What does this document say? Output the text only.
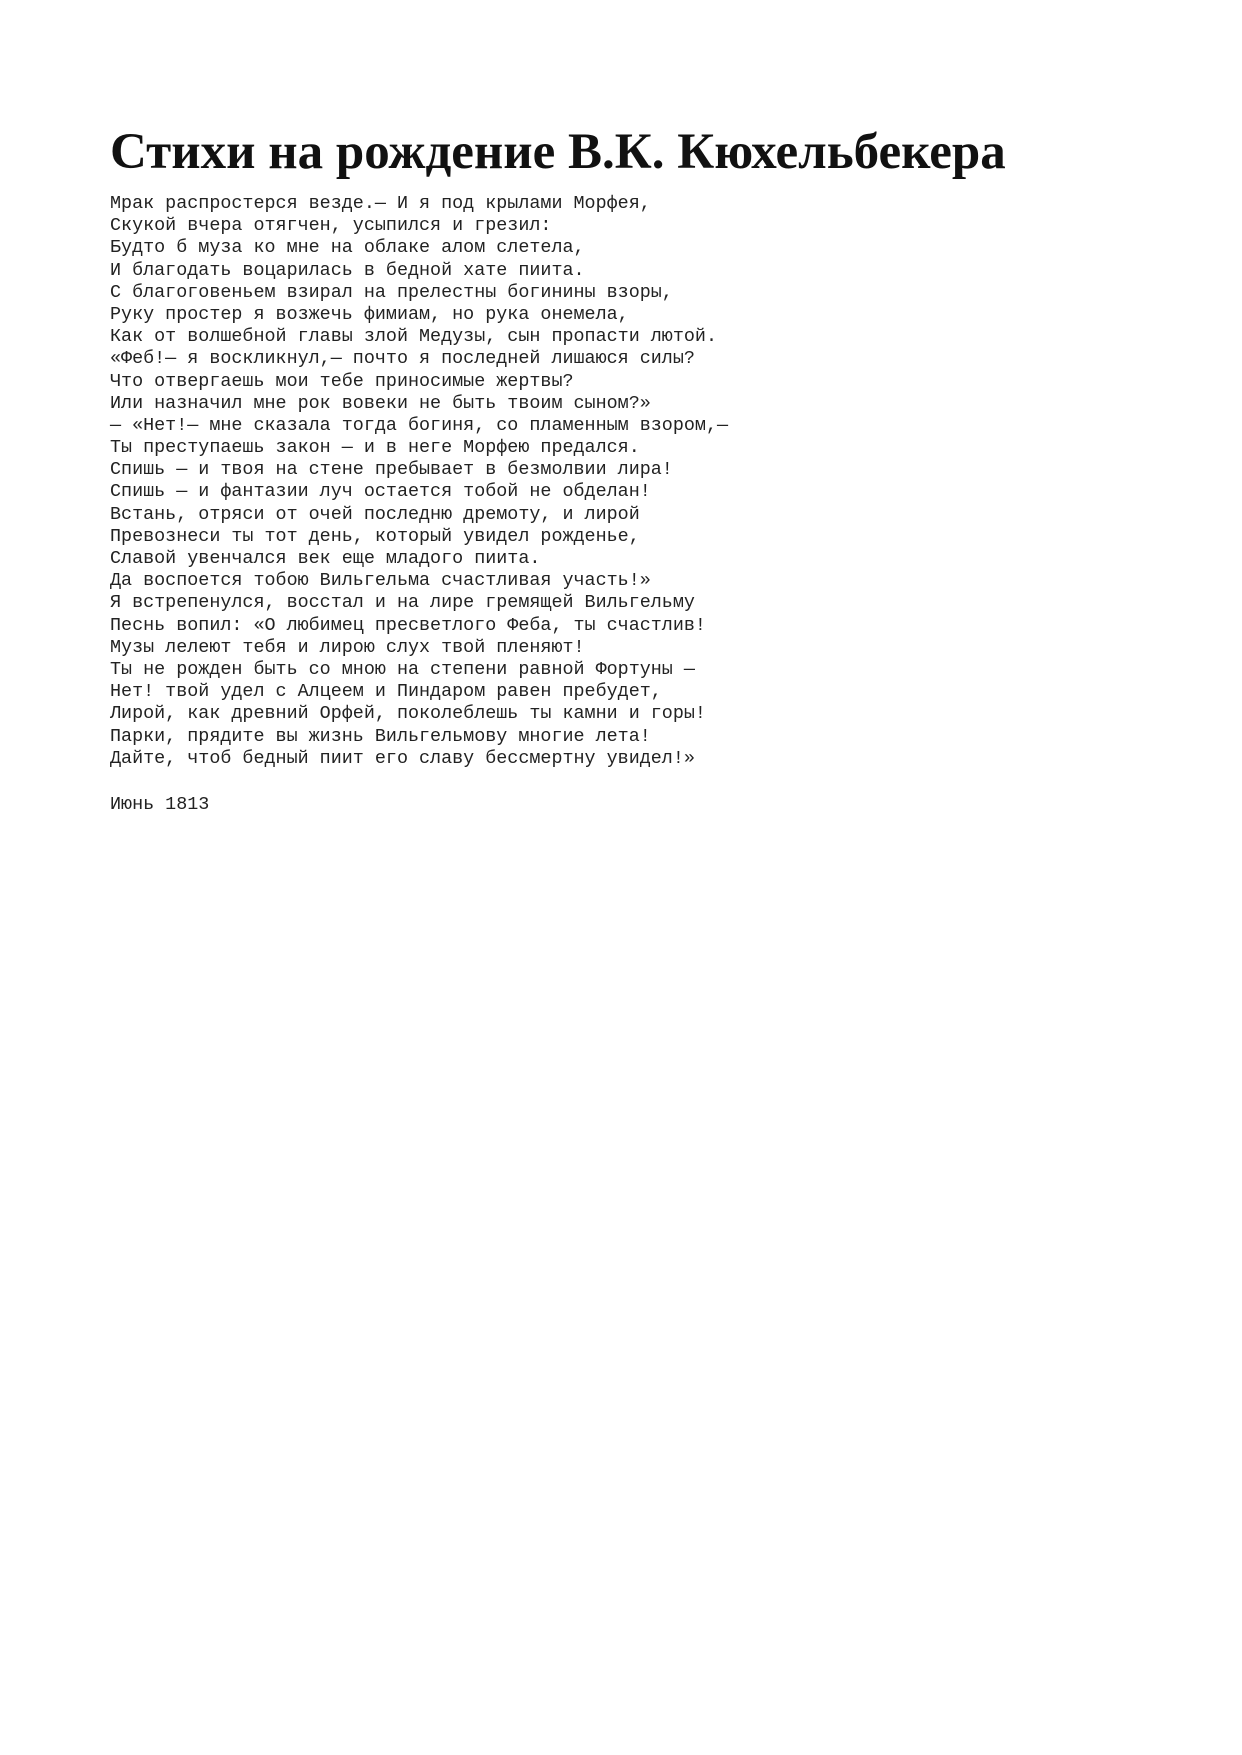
Стихи на рождение В.К. Кюхельбекера
Мрак распростерся везде.— И я под крылами Морфея,
Скукой вчера отягчен, усыпился и грезил:
Будто б муза ко мне на облаке алом слетела,
И благодать воцарилась в бедной хате пиита.
С благоговеньем взирал на прелестны богинины взоры,
Руку простер я возжечь фимиам, но рука онемела,
Как от волшебной главы злой Медузы, сын пропасти лютой.
«Феб!— я воскликнул,— почто я последней лишаюся силы?
Что отвергаешь мои тебе приносимые жертвы?
Или назначил мне рок вовеки не быть твоим сыном?»
— «Нет!— мне сказала тогда богиня, со пламенным взором,—
Ты преступаешь закон — и в неге Морфею предался.
Спишь — и твоя на стене пребывает в безмолвии лира!
Спишь — и фантазии луч остается тобой не обделан!
Встань, отряси от очей последню дремоту, и лирой
Превознеси ты тот день, который увидел рожденье,
Славой увенчался век еще младого пиита.
Да воспоется тобою Вильгельма счастливая участь!»
Я встрепенулся, восстал и на лире гремящей Вильгельму
Песнь вопил: «О любимец пресветлого Феба, ты счастлив!
Музы лелеют тебя и лирою слух твой пленяют!
Ты не рожден быть со мною на степени равной Фортуны —
Нет! твой удел с Алцеем и Пиндаром равен пребудет,
Лирой, как древний Орфей, поколеблешь ты камни и горы!
Парки, прядите вы жизнь Вильгельмову многие лета!
Дайте, чтоб бедный пиит его славу бессмертну увидел!»

Июнь 1813
